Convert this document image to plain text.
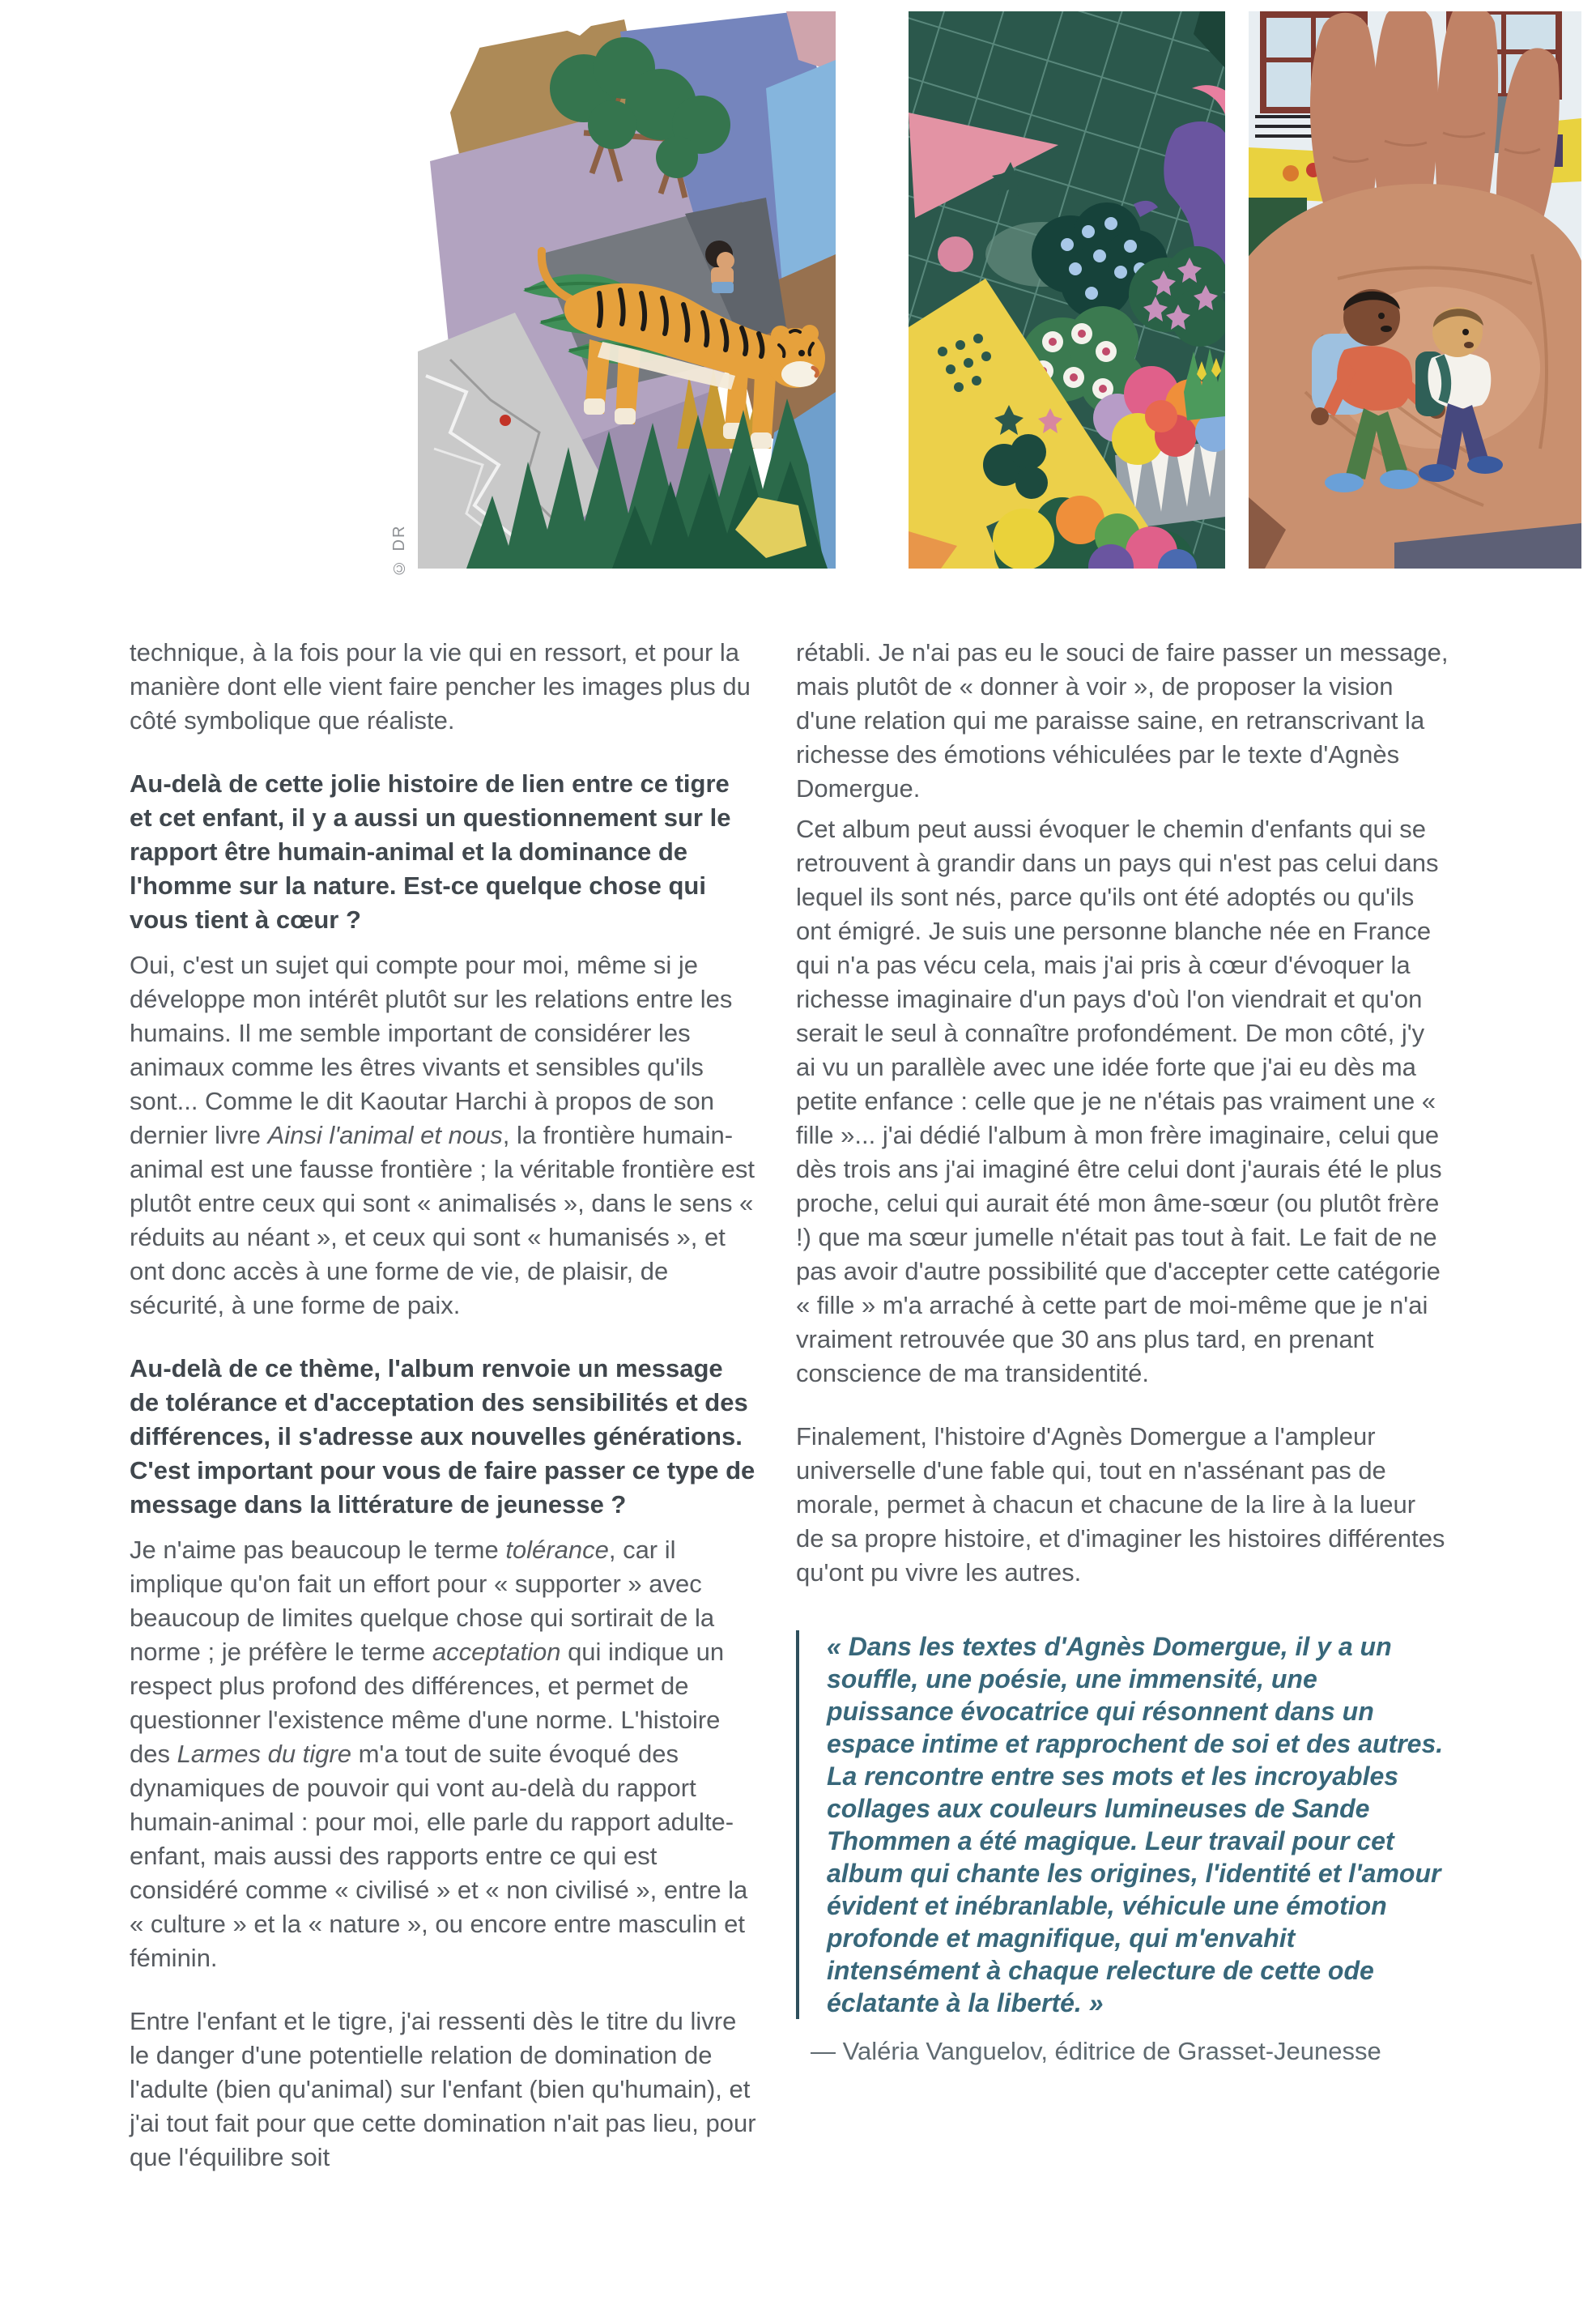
© DR

technique, à la fois pour la vie qui en ressort, et pour la manière dont elle vient faire pencher les images plus du côté symbolique que réaliste.

Au-delà de cette jolie histoire de lien entre ce tigre et cet enfant, il y a aussi un questionnement sur le rapport être humain-animal et la dominance de l'homme sur la nature. Est-ce quelque chose qui vous tient à cœur ?

Oui, c'est un sujet qui compte pour moi, même si je développe mon intérêt plutôt sur les relations entre les humains. Il me semble important de considérer les animaux comme les êtres vivants et sensibles qu'ils sont... Comme le dit Kaoutar Harchi à propos de son dernier livre Ainsi l'animal et nous, la frontière humain-animal est une fausse frontière ; la véritable frontière est plutôt entre ceux qui sont « animalisés », dans le sens « réduits au néant », et ceux qui sont « humanisés », et ont donc accès à une forme de vie, de plaisir, de sécurité, à une forme de paix.

Au-delà de ce thème, l'album renvoie un message de tolérance et d'acceptation des sensibilités et des différences, il s'adresse aux nouvelles générations. C'est important pour vous de faire passer ce type de message dans la littérature de jeunesse ?

Je n'aime pas beaucoup le terme tolérance, car il implique qu'on fait un effort pour « supporter » avec beaucoup de limites quelque chose qui sortirait de la norme ; je préfère le terme acceptation qui indique un respect plus profond des différences, et permet de questionner l'existence même d'une norme. L'histoire des Larmes du tigre m'a tout de suite évoqué des dynamiques de pouvoir qui vont au-delà du rapport humain-animal : pour moi, elle parle du rapport adulte-enfant, mais aussi des rapports entre ce qui est considéré comme « civilisé » et « non civilisé », entre la « culture » et la « nature », ou encore entre masculin et féminin.

Entre l'enfant et le tigre, j'ai ressenti dès le titre du livre le danger d'une potentielle relation de domination de l'adulte (bien qu'animal) sur l'enfant (bien qu'humain), et j'ai tout fait pour que cette domination n'ait pas lieu, pour que l'équilibre soit

rétabli. Je n'ai pas eu le souci de faire passer un message, mais plutôt de « donner à voir », de proposer la vision d'une relation qui me paraisse saine, en retranscrivant la richesse des émotions véhiculées par le texte d'Agnès Domergue.

Cet album peut aussi évoquer le chemin d'enfants qui se retrouvent à grandir dans un pays qui n'est pas celui dans lequel ils sont nés, parce qu'ils ont été adoptés ou qu'ils ont émigré. Je suis une personne blanche née en France qui n'a pas vécu cela, mais j'ai pris à cœur d'évoquer la richesse imaginaire d'un pays d'où l'on viendrait et qu'on serait le seul à connaître profondément. De mon côté, j'y ai vu un parallèle avec une idée forte que j'ai eu dès ma petite enfance : celle que je ne n'étais pas vraiment une « fille »... j'ai dédié l'album à mon frère imaginaire, celui que dès trois ans j'ai imaginé être celui dont j'aurais été le plus proche, celui qui aurait été mon âme-sœur (ou plutôt frère !) que ma sœur jumelle n'était pas tout à fait. Le fait de ne pas avoir d'autre possibilité que d'accepter cette catégorie « fille » m'a arraché à cette part de moi-même que je n'ai vraiment retrouvée que 30 ans plus tard, en prenant conscience de ma transidentité.

Finalement, l'histoire d'Agnès Domergue a l'ampleur universelle d'une fable qui, tout en n'assénant pas de morale, permet à chacun et chacune de la lire à la lueur de sa propre histoire, et d'imaginer les histoires différentes qu'ont pu vivre les autres.

« Dans les textes d'Agnès Domergue, il y a un souffle, une poésie, une immensité, une puissance évocatrice qui résonnent dans un espace intime et rapprochent de soi et des autres. La rencontre entre ses mots et les incroyables collages aux couleurs lumineuses de Sande Thommen a été magique. Leur travail pour cet album qui chante les origines, l'identité et l'amour évident et inébranlable, véhicule une émotion profonde et magnifique, qui m'envahit intensément à chaque relecture de cette ode éclatante à la liberté. »
— Valéria Vanguelov, éditrice de Grasset-Jeunesse
